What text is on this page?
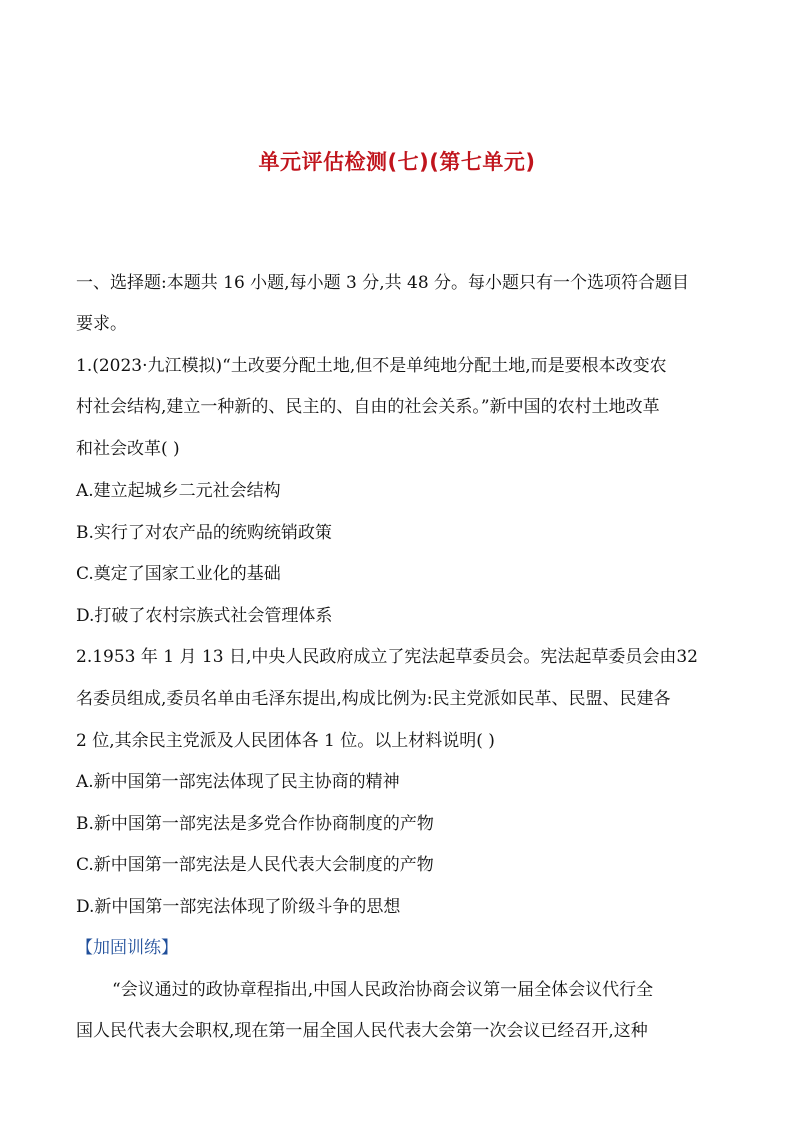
单元评估检测(七)(第七单元)
一、选择题:本题共 16 小题,每小题 3 分,共 48 分。每小题只有一个选项符合题目
要求。
1.(2023·九江模拟)“土改要分配土地,但不是单纯地分配土地,而是要根本改变农
村社会结构,建立一种新的、民主的、自由的社会关系。”新中国的农村土地改革
和社会改革( )
A.建立起城乡二元社会结构
B.实行了对农产品的统购统销政策
C.奠定了国家工业化的基础
D.打破了农村宗族式社会管理体系
2.1953 年 1 月 13 日,中央人民政府成立了宪法起草委员会。宪法起草委员会由32
名委员组成,委员名单由毛泽东提出,构成比例为:民主党派如民革、民盟、民建各
2 位,其余民主党派及人民团体各 1 位。以上材料说明( )
A.新中国第一部宪法体现了民主协商的精神
B.新中国第一部宪法是多党合作协商制度的产物
C.新中国第一部宪法是人民代表大会制度的产物
D.新中国第一部宪法体现了阶级斗争的思想
【加固训练】
“会议通过的政协章程指出,中国人民政治协商会议第一届全体会议代行全
国人民代表大会职权,现在第一届全国人民代表大会第一次会议已经召开,这种
